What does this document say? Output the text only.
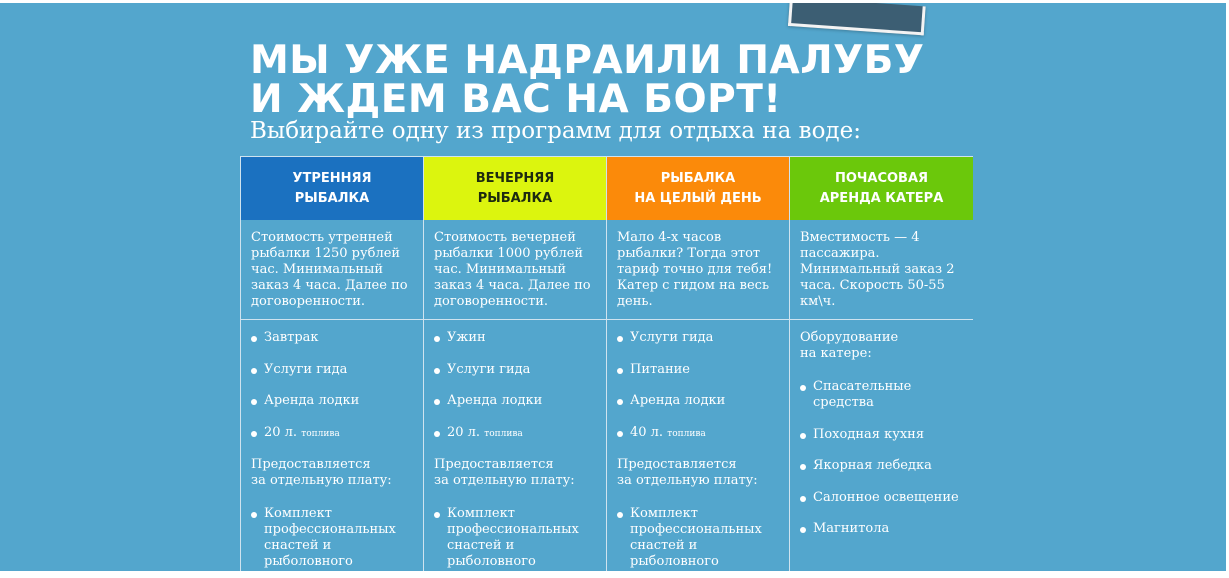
МЫ УЖЕ НАДРАИЛИ ПАЛУБУ
И ЖДЕМ ВАС НА БОРТ!
Выбирайте одну из программ для отдыха на воде:
УТРЕННЯЯ
РЫБАЛКА
Стоимость утренней рыбалки 1250 рублей час. Минимальный заказ 4 часа. Далее по договоренности.
Завтрак
Услуги гида
Аренда лодки
20 л. топлива

Предоставляется
за отдельную плату:

Комплект профессиональных снастей и рыболовного
ВЕЧЕРНЯЯ
РЫБАЛКА
Стоимость вечерней рыбалки 1000 рублей час. Минимальный заказ 4 часа. Далее по договоренности.
Ужин
Услуги гида
Аренда лодки
20 л. топлива

Предоставляется
за отдельную плату:

Комплект профессиональных снастей и рыболовного
РЫБАЛКА
НА ЦЕЛЫЙ ДЕНЬ
Мало 4-х часов рыбалки? Тогда этот тариф точно для тебя! Катер с гидом на весь день.
Услуги гида
Питание
Аренда лодки
40 л. топлива

Предоставляется
за отдельную плату:

Комплект профессиональных снастей и рыболовного
ПОЧАСОВАЯ
АРЕНДА КАТЕРА
Вместимость — 4 пассажира. Минимальный заказ 2 часа. Скорость 50-55 км\ч.

Оборудование
на катере:

Спасательные средства
Походная кухня
Якорная лебедка
Салонное освещение
Магнитола
